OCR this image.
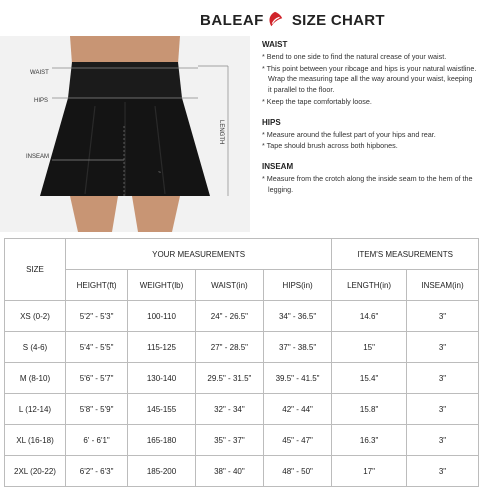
BALEAF SIZE CHART
~
WAIST
HIPS
INSEAM
LENGTH
WAIST
* Bend to one side to find the natural crease of your waist.
* This point between your ribcage and hips is your natural waistline. Wrap the measuring tape all the way around your waist, keeping it parallel to the floor.
* Keep the tape comfortably loose.
HIPS
* Measure around the fullest part of your hips and rear.
* Tape should brush across both hipbones.
INSEAM
* Measure from the crotch along the inside seam to the hem of the legging.
SIZE	YOUR MEASUREMENTS				ITEM'S MEASUREMENTS	
	HEIGHT(ft)	WEIGHT(lb)	WAIST(in)	HIPS(in)	LENGTH(in)	INSEAM(in)
XS (0-2)	5'2" - 5'3"	100-110	24" - 26.5"	34" - 36.5"	14.6"	3"
S (4-6)	5'4" - 5'5"	115-125	27" - 28.5"	37" - 38.5"	15"	3"
M (8-10)	5'6" - 5'7"	130-140	29.5" - 31.5"	39.5" - 41.5"	15.4"	3"
L (12-14)	5'8" - 5'9"	145-155	32" - 34"	42" - 44"	15.8"	3"
XL (16-18)	6' - 6'1"	165-180	35" - 37"	45" - 47"	16.3"	3"
2XL (20-22)	6'2" - 6'3"	185-200	38" - 40"	48" - 50"	17"	3"
